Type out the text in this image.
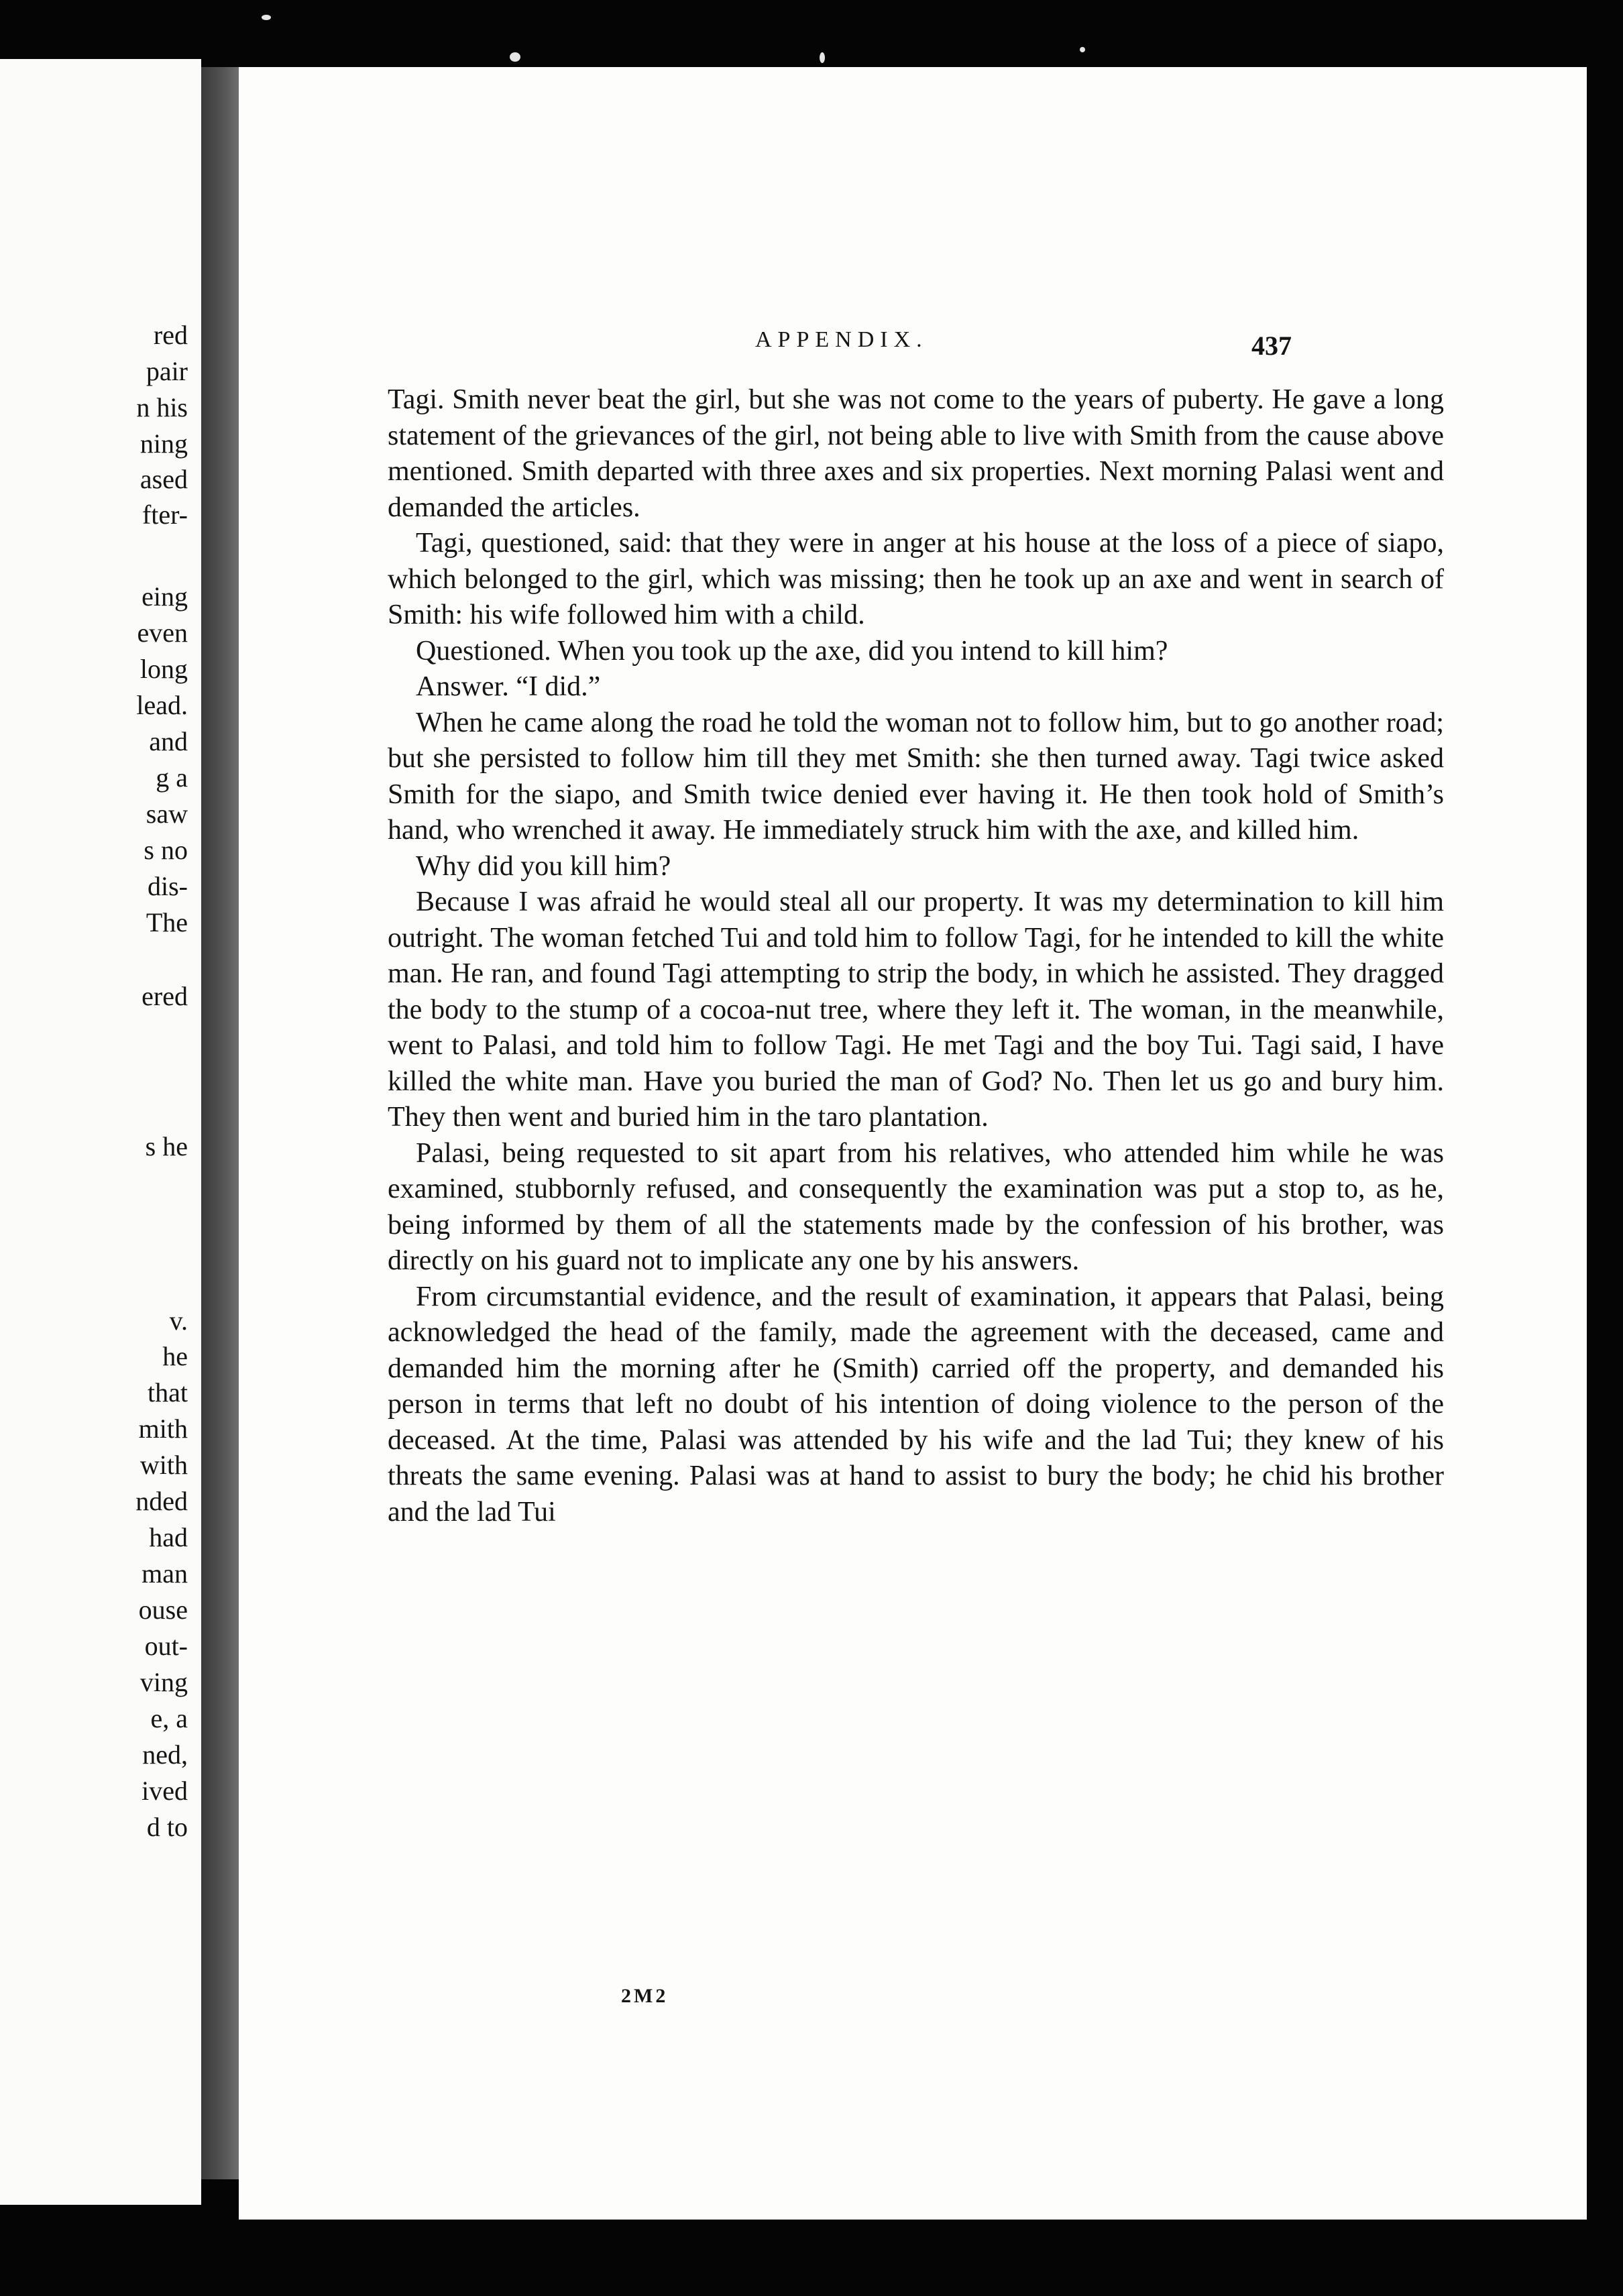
red
pair
n his
ning
ased
fter-
eing
even
long
lead.
and
g a
saw
s no
dis-
The
ered
s he
v.
he
that
mith
with
nded
had
man
ouse
out-
ving
e, a
ned,
ived
d to
APPENDIX.	437

Tagi. Smith never beat the girl, but she was not come to the years of puberty. He gave a long statement of the grievances of the girl, not being able to live with Smith from the cause above mentioned. Smith departed with three axes and six properties. Next morning Palasi went and demanded the articles.

Tagi, questioned, said: that they were in anger at his house at the loss of a piece of siapo, which belonged to the girl, which was missing; then he took up an axe and went in search of Smith: his wife followed him with a child.

Questioned. When you took up the axe, did you intend to kill him?

Answer. “I did.”

When he came along the road he told the woman not to follow him, but to go another road; but she persisted to follow him till they met Smith: she then turned away. Tagi twice asked Smith for the siapo, and Smith twice denied ever having it. He then took hold of Smith’s hand, who wrenched it away. He immediately struck him with the axe, and killed him.

Why did you kill him?

Because I was afraid he would steal all our property. It was my determination to kill him outright. The woman fetched Tui and told him to follow Tagi, for he intended to kill the white man. He ran, and found Tagi attempting to strip the body, in which he assisted. They dragged the body to the stump of a cocoa-nut tree, where they left it. The woman, in the meanwhile, went to Palasi, and told him to follow Tagi. He met Tagi and the boy Tui. Tagi said, I have killed the white man. Have you buried the man of God? No. Then let us go and bury him. They then went and buried him in the taro plantation.

Palasi, being requested to sit apart from his relatives, who attended him while he was examined, stubbornly refused, and consequently the examination was put a stop to, as he, being informed by them of all the statements made by the confession of his brother, was directly on his guard not to implicate any one by his answers.

From circumstantial evidence, and the result of examination, it appears that Palasi, being acknowledged the head of the family, made the agreement with the deceased, came and demanded him the morning after he (Smith) carried off the property, and demanded his person in terms that left no doubt of his intention of doing violence to the person of the deceased. At the time, Palasi was attended by his wife and the lad Tui; they knew of his threats the same evening. Palasi was at hand to assist to bury the body; he chid his brother and the lad Tui

2M2
